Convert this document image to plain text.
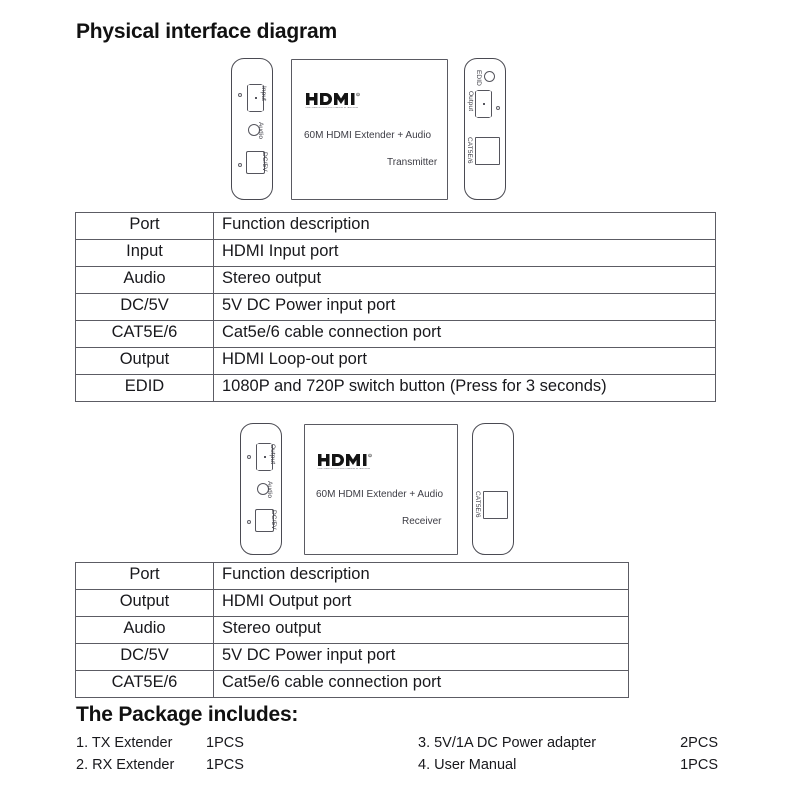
Physical interface diagram
Input
Audio
DC/5V
R
HIGH-DEFINITION MULTIMEDIA INTERFACE
60M HDMI Extender + Audio
Transmitter
EDID
Output
CAT5E/6
Port	Function description
Input	HDMI Input port
Audio	Stereo output
DC/5V	5V DC Power input port
CAT5E/6	Cat5e/6 cable connection port
Output	HDMI Loop-out port
EDID	1080P and 720P switch button (Press for 3 seconds)
Output
Audio
DC/5V
R
HIGH-DEFINITION MULTIMEDIA INTERFACE
60M HDMI Extender + Audio
Receiver
CAT5E/6
Port	Function description
Output	HDMI Output port
Audio	Stereo output
DC/5V	5V DC Power input port
CAT5E/6	Cat5e/6 cable connection port
The Package includes:
1. TX Extender	1PCS
2. RX Extender	1PCS
3. 5V/1A DC Power adapter	2PCS
4. User Manual	1PCS
